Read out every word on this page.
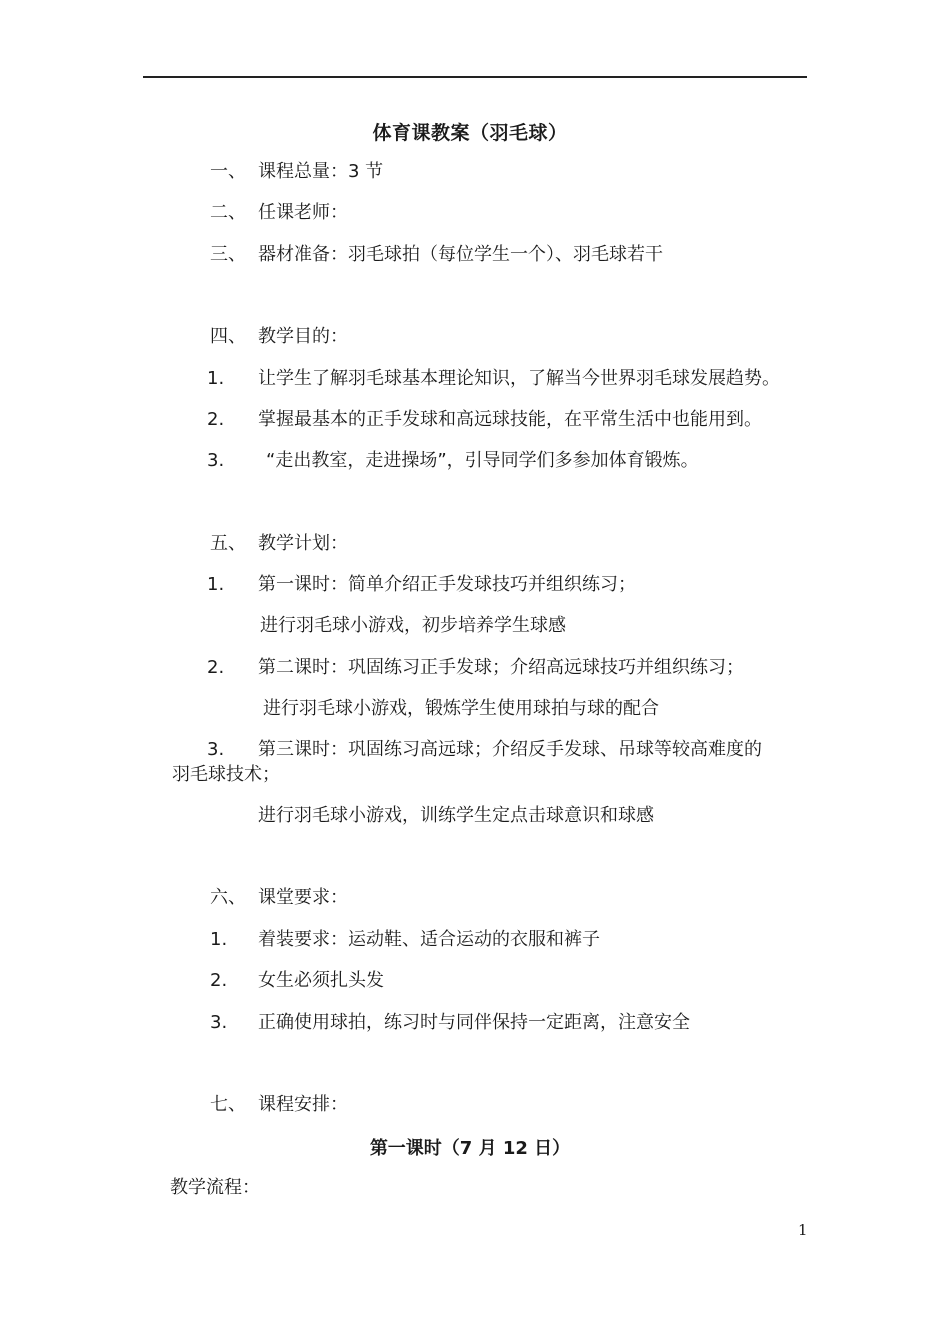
体育课教案（羽毛球）
一、 课程总量：3 节
二、 任课老师：
三、 器材准备：羽毛球拍（每位学生一个）、羽毛球若干
四、 教学目的：
1. 让学生了解羽毛球基本理论知识，了解当今世界羽毛球发展趋势。
2. 掌握最基本的正手发球和高远球技能，在平常生活中也能用到。
3. “走出教室，走进操场”，引导同学们多参加体育锻炼。
五、 教学计划：
1. 第一课时：简单介绍正手发球技巧并组织练习；
进行羽毛球小游戏，初步培养学生球感
2. 第二课时：巩固练习正手发球；介绍高远球技巧并组织练习；
进行羽毛球小游戏，锻炼学生使用球拍与球的配合
3. 第三课时：巩固练习高远球；介绍反手发球、吊球等较高难度的
羽毛球技术；
进行羽毛球小游戏，训练学生定点击球意识和球感
六、 课堂要求：
1. 着装要求：运动鞋、适合运动的衣服和裤子
2. 女生必须扎头发
3. 正确使用球拍，练习时与同伴保持一定距离，注意安全
七、 课程安排：
第一课时（7 月 12 日）
教学流程：
1
